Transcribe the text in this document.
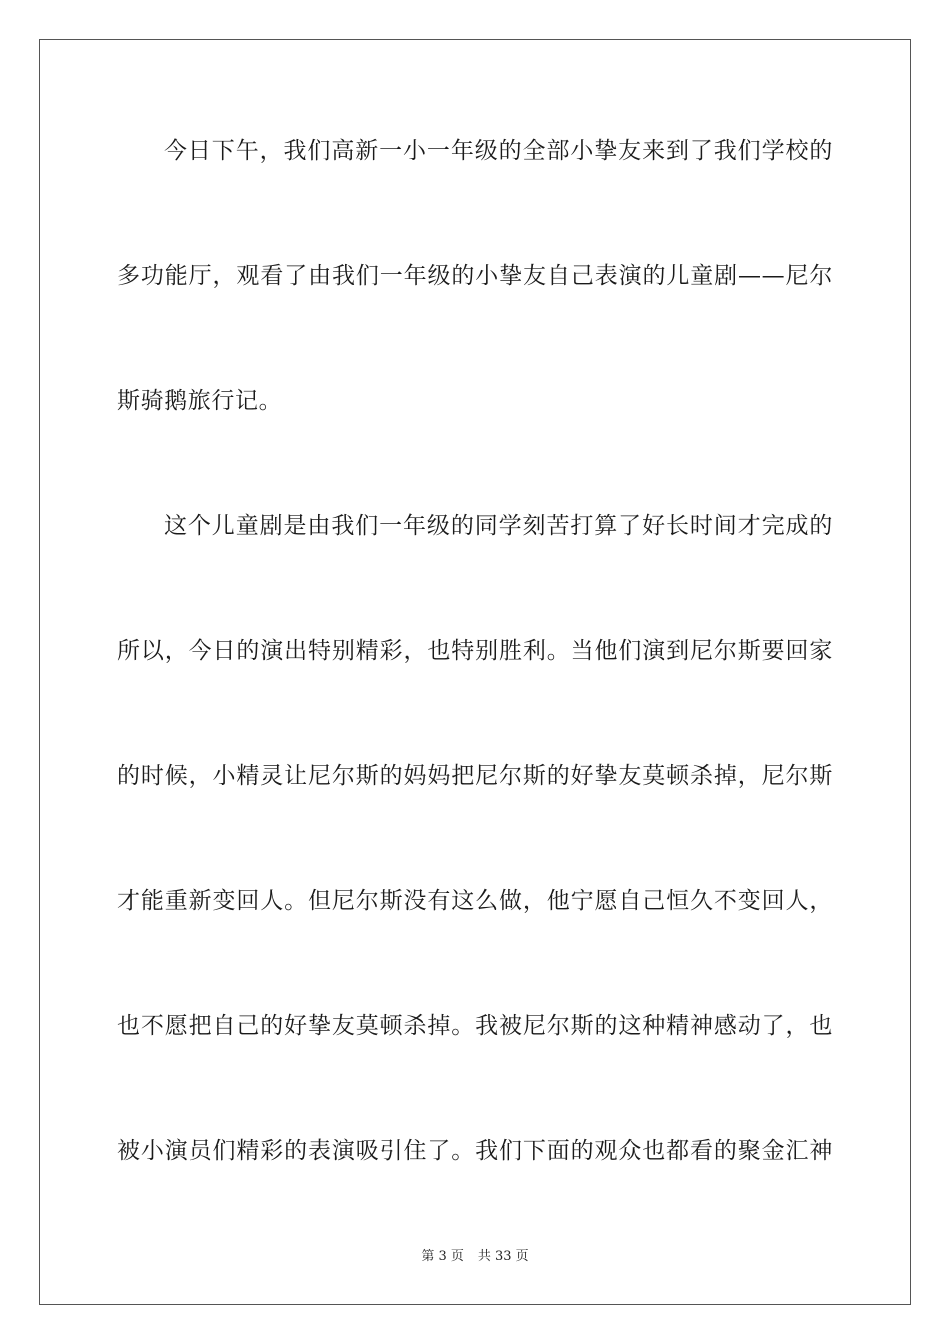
今日下午，我们高新一小一年级的全部小挚友来到了我们学校的
多功能厅，观看了由我们一年级的小挚友自己表演的儿童剧——尼尔
斯骑鹅旅行记。
这个儿童剧是由我们一年级的同学刻苦打算了好长时间才完成的
所以，今日的演出特别精彩，也特别胜利。当他们演到尼尔斯要回家
的时候，小精灵让尼尔斯的妈妈把尼尔斯的好挚友莫顿杀掉，尼尔斯
才能重新变回人。但尼尔斯没有这么做，他宁愿自己恒久不变回人，
也不愿把自己的好挚友莫顿杀掉。我被尼尔斯的这种精神感动了，也
被小演员们精彩的表演吸引住了。我们下面的观众也都看的聚金汇神
第 3 页 共 33 页
